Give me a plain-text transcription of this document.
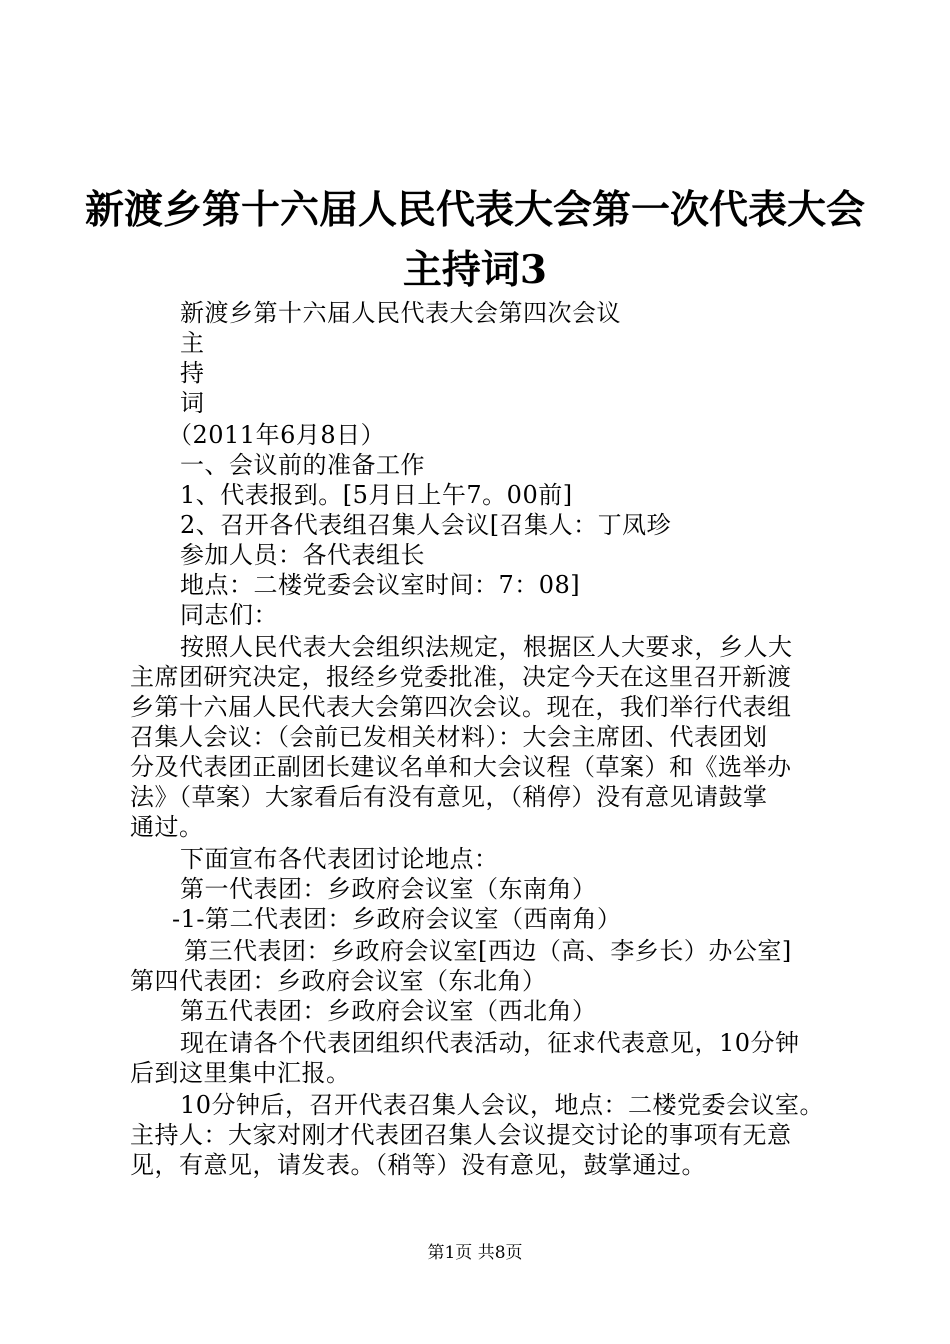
新渡乡第十六届人民代表大会第一次代表大会
主持词3
新渡乡第十六届人民代表大会第四次会议
主
持
词
（2011年6月8日）
一、会议前的准备工作
1、代表报到。[5月日上午7。00前]
2、召开各代表组召集人会议[召集人：丁凤珍
参加人员：各代表组长
地点：二楼党委会议室时间：7：08]
同志们：
按照人民代表大会组织法规定，根据区人大要求，乡人大
主席团研究决定，报经乡党委批准，决定今天在这里召开新渡
乡第十六届人民代表大会第四次会议。现在，我们举行代表组
召集人会议：（会前已发相关材料）：大会主席团、代表团划
分及代表团正副团长建议名单和大会议程（草案）和《选举办
法》（草案）大家看后有没有意见，（稍停）没有意见请鼓掌
通过。
下面宣布各代表团讨论地点：
第一代表团：乡政府会议室（东南角）
-1-第二代表团：乡政府会议室（西南角）
第三代表团：乡政府会议室[西边（高、李乡长）办公室]
第四代表团：乡政府会议室（东北角）
第五代表团：乡政府会议室（西北角）
现在请各个代表团组织代表活动，征求代表意见，10分钟
后到这里集中汇报。
10分钟后，召开代表召集人会议，地点：二楼党委会议室。
主持人：大家对刚才代表团召集人会议提交讨论的事项有无意
见，有意见，请发表。（稍等）没有意见，鼓掌通过。
第1页 共8页
